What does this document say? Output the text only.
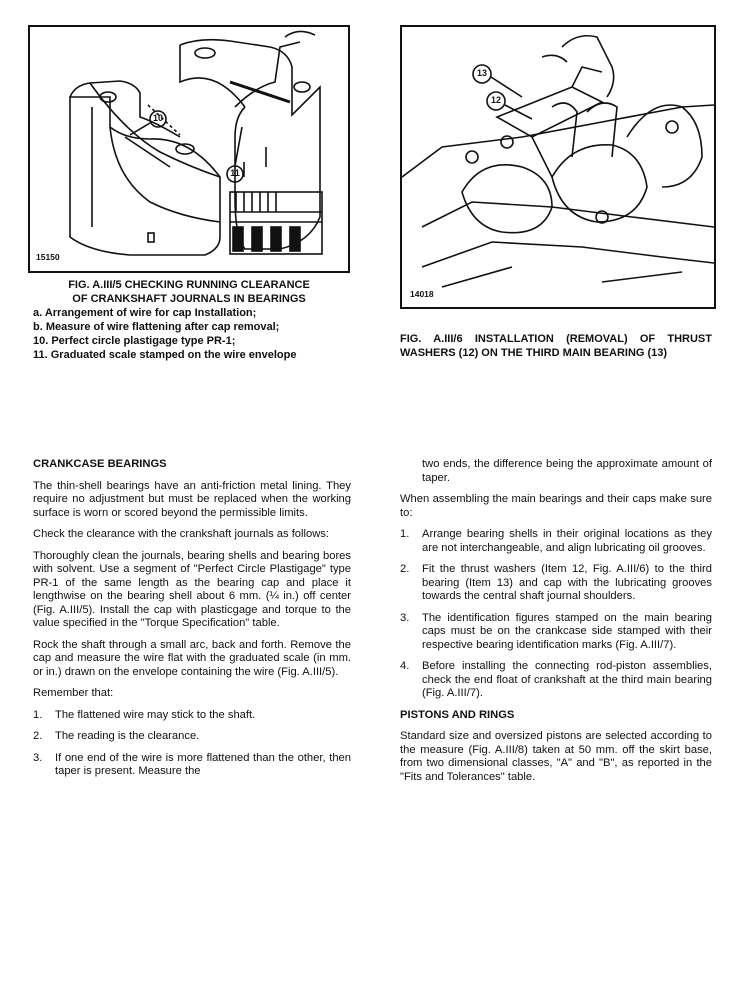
10
11
15150
FIG. A.III/5 CHECKING RUNNING CLEARANCE
OF CRANKSHAFT JOURNALS IN BEARINGS
a. Arrangement of wire for cap Installation;
b. Measure of wire flattening after cap removal;
10. Perfect circle plastigage type PR-1;
11. Graduated scale stamped on the wire envelope
13
12
14018
FIG. A.III/6 INSTALLATION (REMOVAL) OF THRUST WASHERS (12) ON THE THIRD MAIN BEARING (13)
CRANKCASE BEARINGS

The thin-shell bearings have an anti-friction metal lining. They require no adjustment but must be replaced when the working surface is worn or scored beyond the permissible limits.

Check the clearance with the crankshaft journals as follows:

Thoroughly clean the journals, bearing shells and bearing bores with solvent. Use a segment of "Perfect Circle Plastigage" type PR-1 of the same length as the bearing cap and place it lengthwise on the bearing shell about 6 mm. (¼ in.) off center (Fig. A.III/5). Install the cap with plasticgage and torque to the value specified in the "Torque Specification" table.

Rock the shaft through a small arc, back and forth. Remove the cap and measure the wire flat with the graduated scale (in mm. or in.) drawn on the envelope containing the wire (Fig. A.III/5).

Remember that:

1. The flattened wire may stick to the shaft.
2. The reading is the clearance.
3. If one end of the wire is more flattened than the other, then taper is present. Measure the

two ends, the difference being the approximate amount of taper.

When assembling the main bearings and their caps make sure to:

1. Arrange bearing shells in their original locations as they are not interchangeable, and align lubricating oil grooves.
2. Fit the thrust washers (Item 12, Fig. A.III/6) to the third bearing (Item 13) and cap with the lubricating grooves towards the central shaft journal shoulders.
3. The identification figures stamped on the main bearing caps must be on the crankcase side stamped with their respective bearing identification marks (Fig. A.III/7).
4. Before installing the connecting rod-piston assemblies, check the end float of crankshaft at the third main bearing (Fig. A.III/7).
PISTONS AND RINGS

Standard size and oversized pistons are selected according to the measure (Fig. A.III/8) taken at 50 mm. off the skirt base, from two dimensional classes, "A" and "B", as reported in the "Fits and Tolerances" table.
